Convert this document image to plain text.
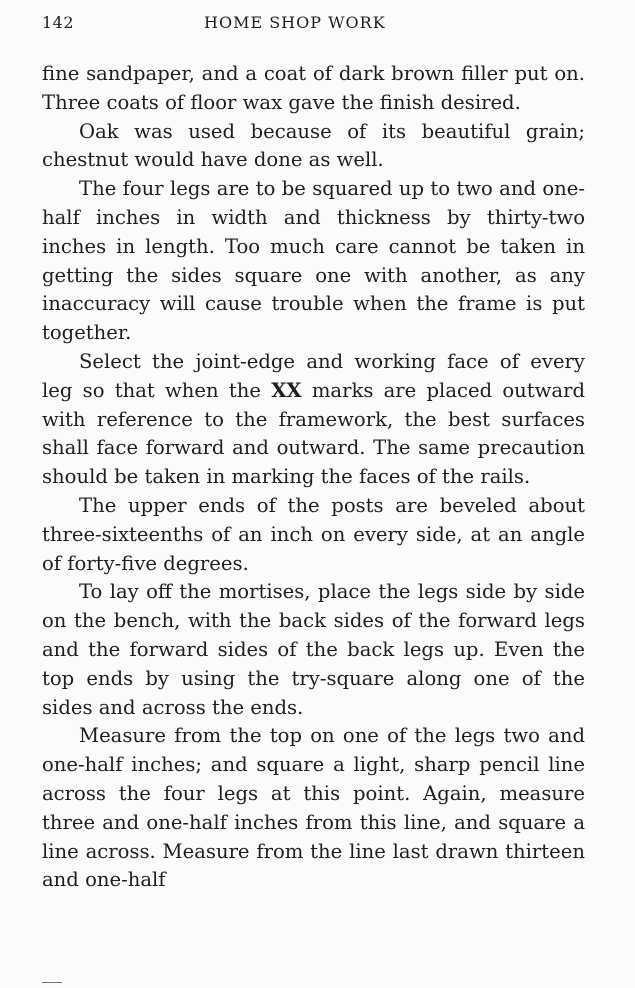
142	HOME SHOP WORK

fine sandpaper, and a coat of dark brown filler put on. Three coats of floor wax gave the finish desired.

Oak was used because of its beautiful grain; chestnut would have done as well.

The four legs are to be squared up to two and one-half inches in width and thickness by thirty-two inches in length. Too much care cannot be taken in getting the sides square one with another, as any inaccuracy will cause trouble when the frame is put together.

Select the joint-edge and working face of every leg so that when the XX marks are placed outward with reference to the framework, the best surfaces shall face forward and outward. The same precaution should be taken in marking the faces of the rails.

The upper ends of the posts are beveled about three-sixteenths of an inch on every side, at an angle of forty-five degrees.

To lay off the mortises, place the legs side by side on the bench, with the back sides of the forward legs and the forward sides of the back legs up. Even the top ends by using the try-square along one of the sides and across the ends.

Measure from the top on one of the legs two and one-half inches; and square a light, sharp pencil line across the four legs at this point. Again, measure three and one-half inches from this line, and square a line across. Measure from the line last drawn thirteen and one-half
